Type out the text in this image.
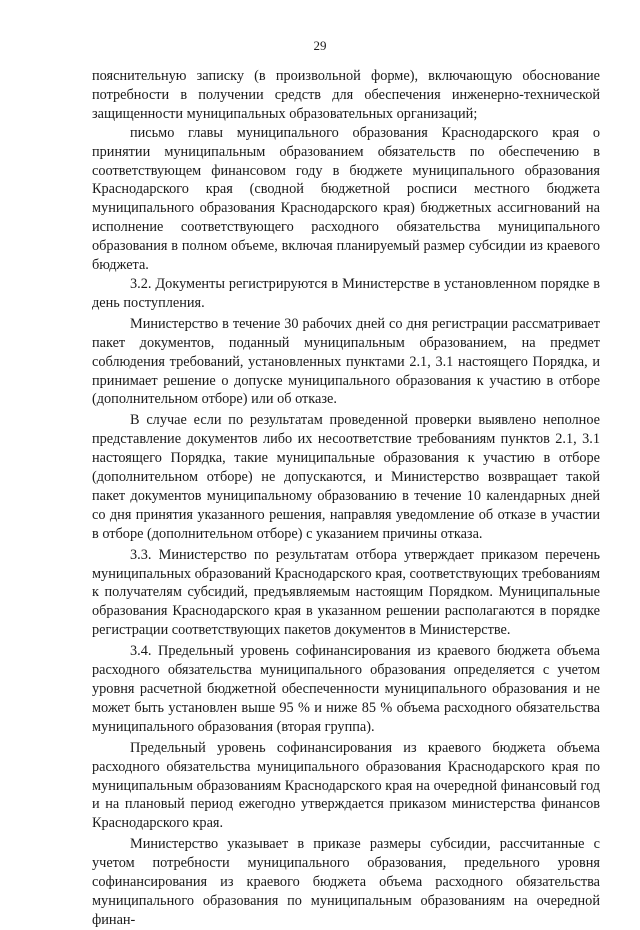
29

пояснительную записку (в произвольной форме), включающую обоснование потребности в получении средств для обеспечения инженерно-технической защищенности муниципальных образовательных организаций;

письмо главы муниципального образования Краснодарского края о принятии муниципальным образованием обязательств по обеспечению в соответствующем финансовом году в бюджете муниципального образования Краснодарского края (сводной бюджетной росписи местного бюджета муниципального образования Краснодарского края) бюджетных ассигнований на исполнение соответствующего расходного обязательства муниципального образования в полном объеме, включая планируемый размер субсидии из краевого бюджета.

3.2. Документы регистрируются в Министерстве в установленном порядке в день поступления.

Министерство в течение 30 рабочих дней со дня регистрации рассматривает пакет документов, поданный муниципальным образованием, на предмет соблюдения требований, установленных пунктами 2.1, 3.1 настоящего Порядка, и принимает решение о допуске муниципального образования к участию в отборе (дополнительном отборе) или об отказе.

В случае если по результатам проведенной проверки выявлено неполное представление документов либо их несоответствие требованиям пунктов 2.1, 3.1 настоящего Порядка, такие муниципальные образования к участию в отборе (дополнительном отборе) не допускаются, и Министерство возвращает такой пакет документов муниципальному образованию в течение 10 календарных дней со дня принятия указанного решения, направляя уведомление об отказе в участии в отборе (дополнительном отборе) с указанием причины отказа.

3.3. Министерство по результатам отбора утверждает приказом перечень муниципальных образований Краснодарского края, соответствующих требованиям к получателям субсидий, предъявляемым настоящим Порядком. Муниципальные образования Краснодарского края в указанном решении располагаются в порядке регистрации соответствующих пакетов документов в Министерстве.

3.4. Предельный уровень софинансирования из краевого бюджета объема расходного обязательства муниципального образования определяется с учетом уровня расчетной бюджетной обеспеченности муниципального образования и не может быть установлен выше 95 % и ниже 85 % объема расходного обязательства муниципального образования (вторая группа).

Предельный уровень софинансирования из краевого бюджета объема расходного обязательства муниципального образования Краснодарского края по муниципальным образованиям Краснодарского края на очередной финансовый год и на плановый период ежегодно утверждается приказом министерства финансов Краснодарского края.

Министерство указывает в приказе размеры субсидии, рассчитанные с учетом потребности муниципального образования, предельного уровня софинансирования из краевого бюджета объема расходного обязательства муниципального образования по муниципальным образованиям на очередной финан-
